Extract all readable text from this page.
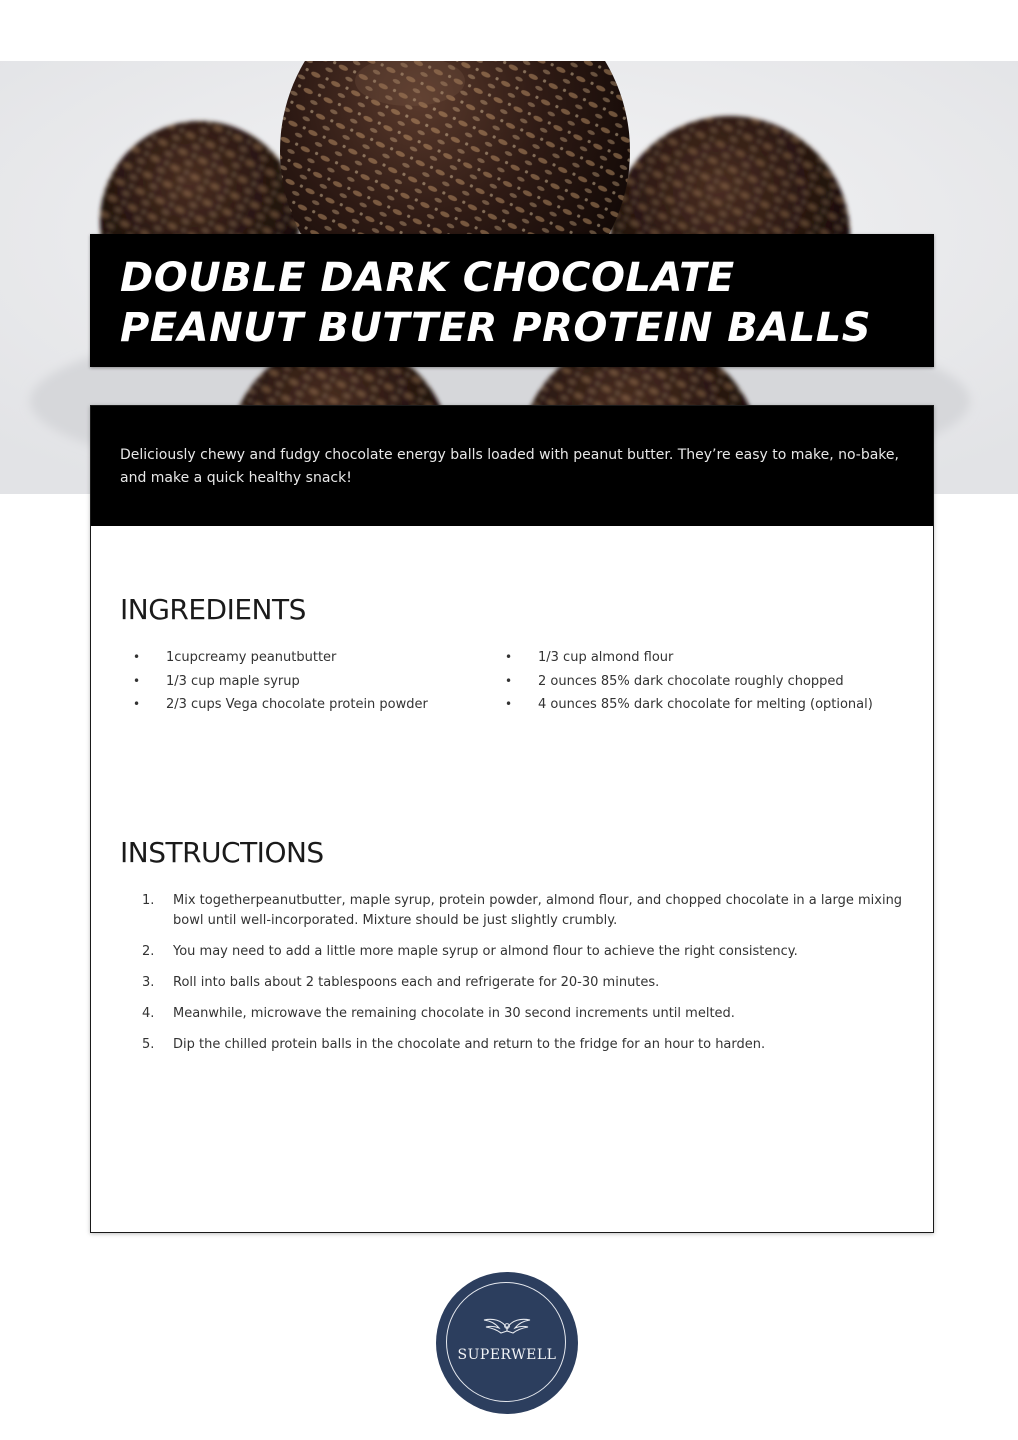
DOUBLE DARK CHOCOLATE
PEANUT BUTTER PROTEIN BALLS

Deliciously chewy and fudgy chocolate energy balls loaded with peanut butter. They’re easy to make, no-bake, and make a quick healthy snack!

INGREDIENTS
• 1cupcreamy peanutbutter
• 1/3 cup maple syrup
• 2/3 cups Vega chocolate protein powder
• 1/3 cup almond flour
• 2 ounces 85% dark chocolate roughly chopped
• 4 ounces 85% dark chocolate for melting (optional)
INSTRUCTIONS
1.	Mix togetherpeanutbutter, maple syrup, protein powder, almond flour, and chopped chocolate in a large mixing bowl until well-incorporated. Mixture should be just slightly crumbly.
2.	You may need to add a little more maple syrup or almond flour to achieve the right consistency.
3.	Roll into balls about 2 tablespoons each and refrigerate for 20-30 minutes.
4.	Meanwhile, microwave the remaining chocolate in 30 second increments until melted.
5.	Dip the chilled protein balls in the chocolate and return to the fridge for an hour to harden.
SUPERWELL
